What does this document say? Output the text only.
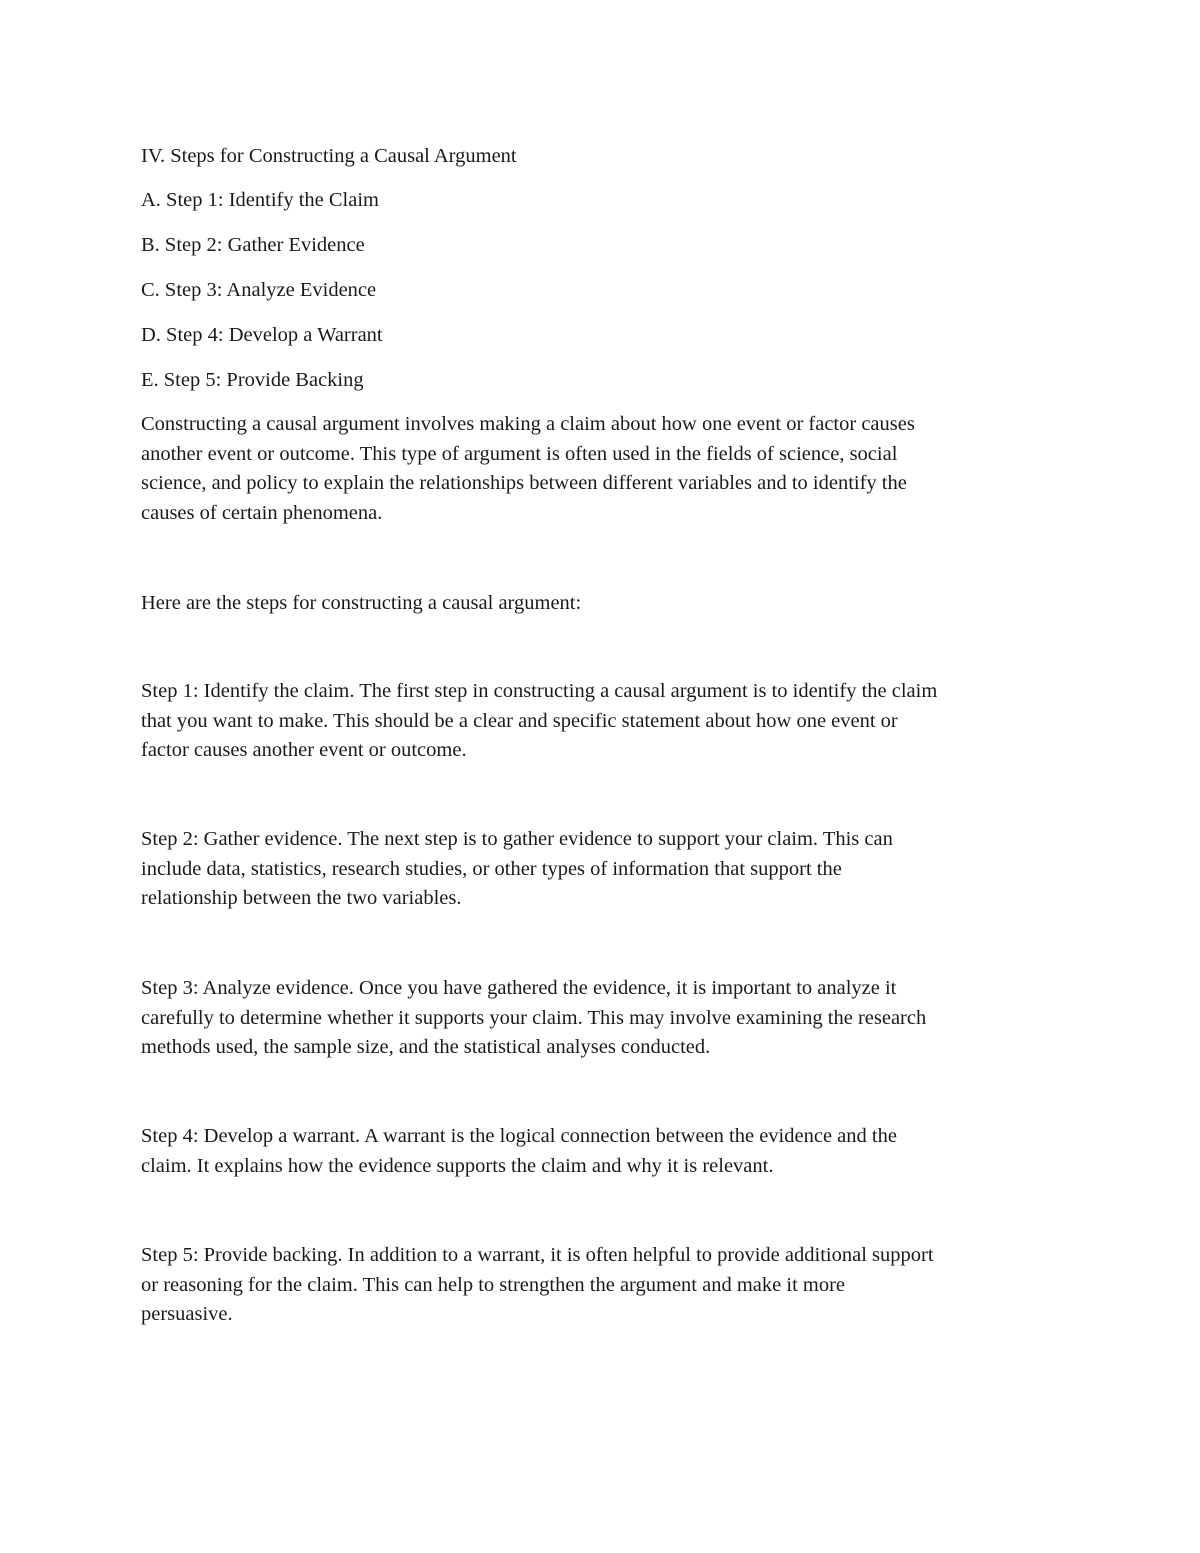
IV. Steps for Constructing a Causal Argument
A. Step 1: Identify the Claim
B. Step 2: Gather Evidence
C. Step 3: Analyze Evidence
D. Step 4: Develop a Warrant
E. Step 5: Provide Backing
Constructing a causal argument involves making a claim about how one event or factor causes
another event or outcome. This type of argument is often used in the fields of science, social
science, and policy to explain the relationships between different variables and to identify the
causes of certain phenomena.
Here are the steps for constructing a causal argument:
Step 1: Identify the claim. The first step in constructing a causal argument is to identify the claim
that you want to make. This should be a clear and specific statement about how one event or
factor causes another event or outcome.
Step 2: Gather evidence. The next step is to gather evidence to support your claim. This can
include data, statistics, research studies, or other types of information that support the
relationship between the two variables.
Step 3: Analyze evidence. Once you have gathered the evidence, it is important to analyze it
carefully to determine whether it supports your claim. This may involve examining the research
methods used, the sample size, and the statistical analyses conducted.
Step 4: Develop a warrant. A warrant is the logical connection between the evidence and the
claim. It explains how the evidence supports the claim and why it is relevant.
Step 5: Provide backing. In addition to a warrant, it is often helpful to provide additional support
or reasoning for the claim. This can help to strengthen the argument and make it more
persuasive.
